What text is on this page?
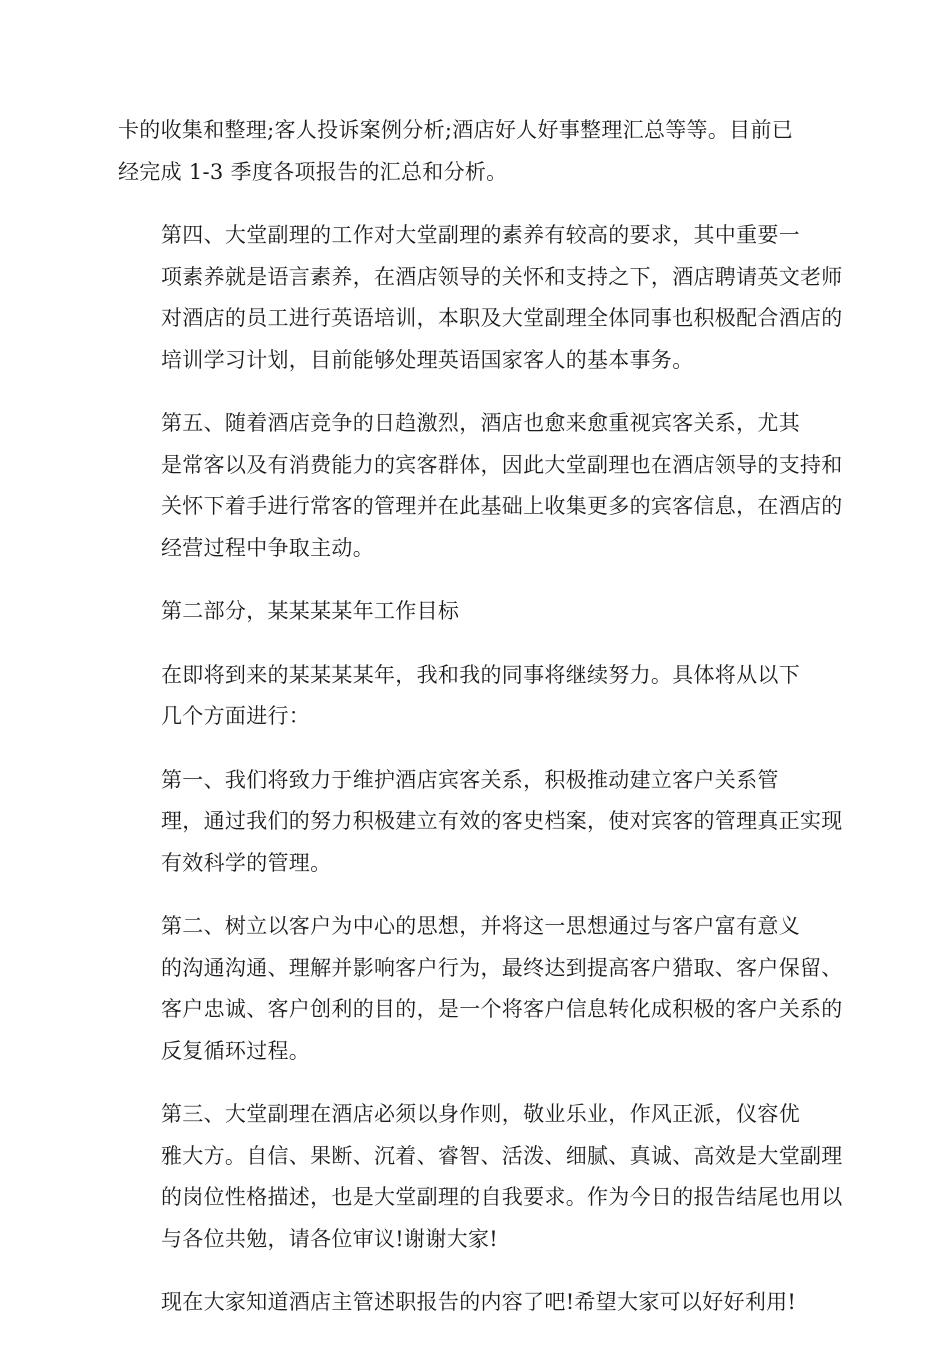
卡的收集和整理;客人投诉案例分析;酒店好人好事整理汇总等等。目前已
经完成 1-3 季度各项报告的汇总和分析。

第四、大堂副理的工作对大堂副理的素养有较高的要求，其中重要一
项素养就是语言素养，在酒店领导的关怀和支持之下，酒店聘请英文老师
对酒店的员工进行英语培训，本职及大堂副理全体同事也积极配合酒店的
培训学习计划，目前能够处理英语国家客人的基本事务。

第五、随着酒店竞争的日趋激烈，酒店也愈来愈重视宾客关系，尤其
是常客以及有消费能力的宾客群体，因此大堂副理也在酒店领导的支持和
关怀下着手进行常客的管理并在此基础上收集更多的宾客信息，在酒店的
经营过程中争取主动。

第二部分，某某某某年工作目标

在即将到来的某某某某年，我和我的同事将继续努力。具体将从以下
几个方面进行：

第一、我们将致力于维护酒店宾客关系，积极推动建立客户关系管
理，通过我们的努力积极建立有效的客史档案，使对宾客的管理真正实现
有效科学的管理。

第二、树立以客户为中心的思想，并将这一思想通过与客户富有意义
的沟通沟通、理解并影响客户行为，最终达到提高客户猎取、客户保留、
客户忠诚、客户创利的目的，是一个将客户信息转化成积极的客户关系的
反复循环过程。

第三、大堂副理在酒店必须以身作则，敬业乐业，作风正派，仪容优
雅大方。自信、果断、沉着、睿智、活泼、细腻、真诚、高效是大堂副理
的岗位性格描述，也是大堂副理的自我要求。作为今日的报告结尾也用以
与各位共勉，请各位审议!谢谢大家!

现在大家知道酒店主管述职报告的内容了吧!希望大家可以好好利用!
